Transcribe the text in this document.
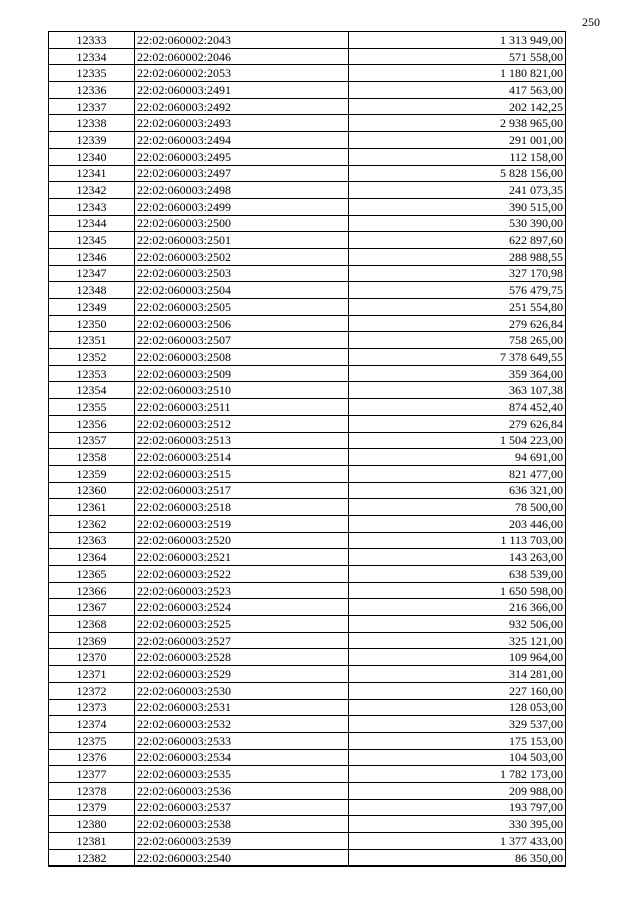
250
12333	22:02:060002:2043	1 313 949,00
12334	22:02:060002:2046	571 558,00
12335	22:02:060002:2053	1 180 821,00
12336	22:02:060003:2491	417 563,00
12337	22:02:060003:2492	202 142,25
12338	22:02:060003:2493	2 938 965,00
12339	22:02:060003:2494	291 001,00
12340	22:02:060003:2495	112 158,00
12341	22:02:060003:2497	5 828 156,00
12342	22:02:060003:2498	241 073,35
12343	22:02:060003:2499	390 515,00
12344	22:02:060003:2500	530 390,00
12345	22:02:060003:2501	622 897,60
12346	22:02:060003:2502	288 988,55
12347	22:02:060003:2503	327 170,98
12348	22:02:060003:2504	576 479,75
12349	22:02:060003:2505	251 554,80
12350	22:02:060003:2506	279 626,84
12351	22:02:060003:2507	758 265,00
12352	22:02:060003:2508	7 378 649,55
12353	22:02:060003:2509	359 364,00
12354	22:02:060003:2510	363 107,38
12355	22:02:060003:2511	874 452,40
12356	22:02:060003:2512	279 626,84
12357	22:02:060003:2513	1 504 223,00
12358	22:02:060003:2514	94 691,00
12359	22:02:060003:2515	821 477,00
12360	22:02:060003:2517	636 321,00
12361	22:02:060003:2518	78 500,00
12362	22:02:060003:2519	203 446,00
12363	22:02:060003:2520	1 113 703,00
12364	22:02:060003:2521	143 263,00
12365	22:02:060003:2522	638 539,00
12366	22:02:060003:2523	1 650 598,00
12367	22:02:060003:2524	216 366,00
12368	22:02:060003:2525	932 506,00
12369	22:02:060003:2527	325 121,00
12370	22:02:060003:2528	109 964,00
12371	22:02:060003:2529	314 281,00
12372	22:02:060003:2530	227 160,00
12373	22:02:060003:2531	128 053,00
12374	22:02:060003:2532	329 537,00
12375	22:02:060003:2533	175 153,00
12376	22:02:060003:2534	104 503,00
12377	22:02:060003:2535	1 782 173,00
12378	22:02:060003:2536	209 988,00
12379	22:02:060003:2537	193 797,00
12380	22:02:060003:2538	330 395,00
12381	22:02:060003:2539	1 377 433,00
12382	22:02:060003:2540	86 350,00
